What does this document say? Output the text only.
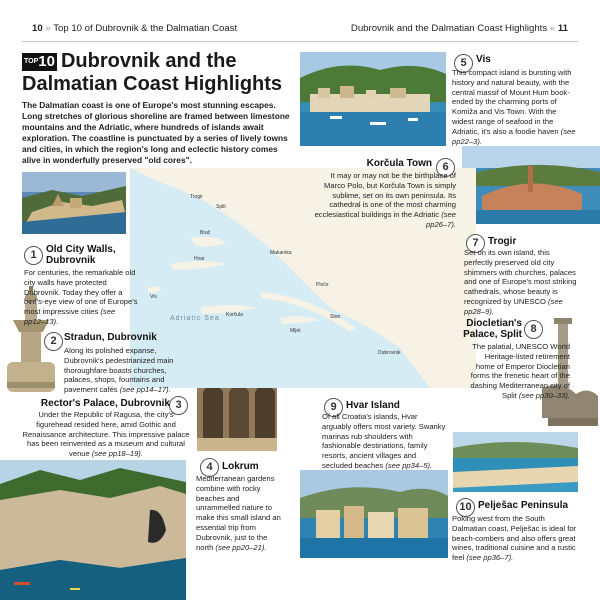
10 » Top 10 of Dubrovnik & the Dalmatian Coast	Dubrovnik and the Dalmatian Coast Highlights « 11
$^{TOP}$10 Dubrovnik and the
Dalmatian Coast Highlights
The Dalmatian coast is one of Europe's most stunning escapes. Long stretches of glorious shoreline are framed between limestone mountains and the Adriatic, where hundreds of islands await exploration. The coastline is punctuated by a series of lively towns and cities, in which the region's long and eclectic history comes alive in wonderfully preserved "old cores".
Adriatic Sea
Trogir
Split
Brač
Hvar
Vis
Korčula
Mljet
Dubrovnik
Makarska
Ploče
Ston
1
2
3
4
5
6
7
8
9
10
Old City Walls, Dubrovnik
For centuries, the remarkable old city walls have protected Dubrovnik. Today they offer a bird's-eye view of one of Europe's most impressive cities (see pp12–13).
Stradun, Dubrovnik
Along its polished expanse, Dubrovnik's pedestrianized main thoroughfare boasts churches, palaces, shops, fountains and pavement cafés (see pp14–17).
Rector's Palace, Dubrovnik
Under the Republic of Ragusa, the city's figurehead resided here, amid Gothic and Renaissance architecture. This impressive palace has been reinvented as a museum and cultural venue (see pp18–19).
Lokrum
Mediterranean gardens combine with rocky beaches and unrammelled nature to make this small island an essential trip from Dubrovnik, just to the north (see pp20–21).
Vis
This compact island is bursting with history and natural beauty, with the central massif of Mount Hum book-ended by the charming ports of Komiža and Vis Town. With the widest range of seafood in the Adriatic, it's also a foodie haven (see pp22–3).
Korčula Town
It may or may not be the birthplace of Marco Polo, but Korčula Town is simply sublime, set on its own peninsula. Its cathedral is one of the most charming ecclesiastical buildings in the Adriatic (see pp26–7).
Trogir
Set on its own island, this perfectly preserved old city shimmers with churches, palaces and one of Europe's most striking cathedrals, whose beauty is recognized by UNESCO (see pp28–9).
Diocletian's Palace, Split
The palatial, UNESCO World Heritage-listed retirement home of Emperor Diocletian forms the frenetic heart of the dashing Mediterranean city of Split (see pp30–33).
Hvar Island
Of all Croatia's islands, Hvar arguably offers most variety. Swanky marinas rub shoulders with fashionable destinations, family resorts, ancient villages and secluded beaches (see pp34–5).
Pelješac Peninsula
Poking west from the South Dalmatian coast, Pelješac is ideal for beach-combers and also offers great wines, traditional cuisine and a rustic feel (see pp36–7).
